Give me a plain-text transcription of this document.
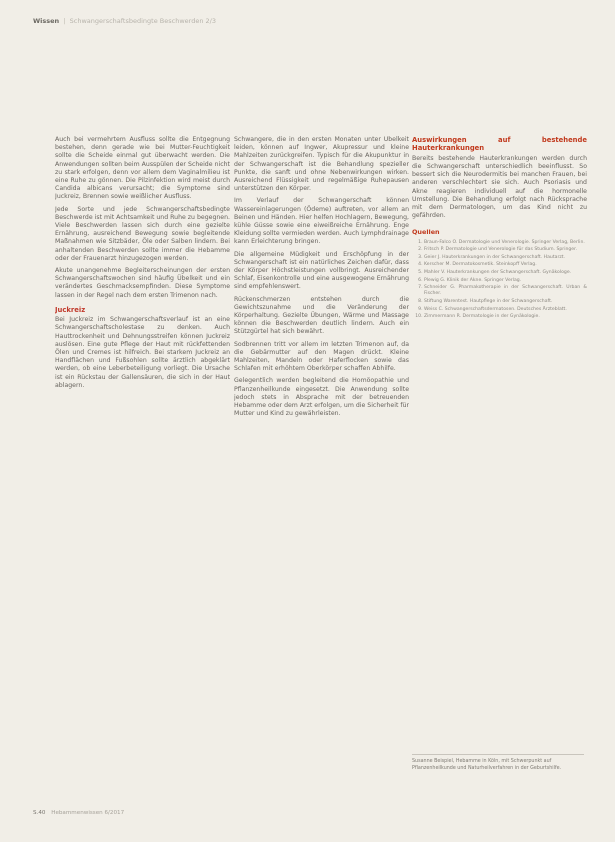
Wissen  |  Schwangerschaftsbedingte Beschwerden 2/3

Auch bei vermehrtem Ausfluss sollte die Entgegnung bestehen, denn gerade wie bei Mutter-Feuchtigkeit sollte die Scheide einmal gut überwacht werden. Die Anwendungen sollten beim Ausspülen der Scheide nicht zu stark erfolgen, denn vor allem dem Vaginalmilieu ist eine Ruhe zu gönnen. Die Pilzinfektion wird meist durch Candida albicans verursacht; die Symptome sind Juckreiz, Brennen sowie weißlicher Ausfluss.

Jede Sorte und jede Schwangerschaftsbedingte Beschwerde ist mit Achtsamkeit und Ruhe zu begegnen. Viele Beschwerden lassen sich durch eine gezielte Ernährung, ausreichend Bewegung sowie begleitende Maßnahmen wie Sitzbäder, Öle oder Salben lindern. Bei anhaltenden Beschwerden sollte immer die Hebamme oder der Frauenarzt hinzugezogen werden.

Akute unangenehme Begleiterscheinungen der ersten Schwangerschaftswochen sind häufig Übelkeit und ein verändertes Geschmacksempfinden. Diese Symptome lassen in der Regel nach dem ersten Trimenon nach.

Juckreiz

Bei Juckreiz im Schwangerschaftsverlauf ist an eine Schwangerschaftscholestase zu denken. Auch Hauttrockenheit und Dehnungsstreifen können Juckreiz auslösen. Eine gute Pflege der Haut mit rückfettenden Ölen und Cremes ist hilfreich. Bei starkem Juckreiz an Handflächen und Fußsohlen sollte ärztlich abgeklärt werden, ob eine Leberbeteiligung vorliegt. Die Ursache ist ein Rückstau der Gallensäuren, die sich in der Haut ablagern.

Schwangere, die in den ersten Monaten unter Übelkeit leiden, können auf Ingwer, Akupressur und kleine Mahlzeiten zurückgreifen. Typisch für die Akupunktur in der Schwangerschaft ist die Behandlung spezieller Punkte, die sanft und ohne Nebenwirkungen wirken. Ausreichend Flüssigkeit und regelmäßige Ruhepausen unterstützen den Körper.

Im Verlauf der Schwangerschaft können Wassereinlagerungen (Ödeme) auftreten, vor allem an Beinen und Händen. Hier helfen Hochlagern, Bewegung, kühle Güsse sowie eine eiweißreiche Ernährung. Enge Kleidung sollte vermieden werden. Auch Lymphdrainage kann Erleichterung bringen.

Die allgemeine Müdigkeit und Erschöpfung in der Schwangerschaft ist ein natürliches Zeichen dafür, dass der Körper Höchstleistungen vollbringt. Ausreichender Schlaf, Eisenkontrolle und eine ausgewogene Ernährung sind empfehlenswert.

Rückenschmerzen entstehen durch die Gewichtszunahme und die Veränderung der Körperhaltung. Gezielte Übungen, Wärme und Massage können die Beschwerden deutlich lindern. Auch ein Stützgürtel hat sich bewährt.

Sodbrennen tritt vor allem im letzten Trimenon auf, da die Gebärmutter auf den Magen drückt. Kleine Mahlzeiten, Mandeln oder Haferflocken sowie das Schlafen mit erhöhtem Oberkörper schaffen Abhilfe.

Gelegentlich werden begleitend die Homöopathie und Pflanzenheilkunde eingesetzt. Die Anwendung sollte jedoch stets in Absprache mit der betreuenden Hebamme oder dem Arzt erfolgen, um die Sicherheit für Mutter und Kind zu gewährleisten.

Auswirkungen auf bestehende Hauterkrankungen

Bereits bestehende Hauterkrankungen werden durch die Schwangerschaft unterschiedlich beeinflusst. So bessert sich die Neurodermitis bei manchen Frauen, bei anderen verschlechtert sie sich. Auch Psoriasis und Akne reagieren individuell auf die hormonelle Umstellung. Die Behandlung erfolgt nach Rücksprache mit dem Dermatologen, um das Kind nicht zu gefährden.

Quellen
1. Braun-Falco O. Dermatologie und Venerologie. Springer Verlag, Berlin.
2. Fritsch P. Dermatologie und Venerologie für das Studium. Springer.
3. Geier J. Hauterkrankungen in der Schwangerschaft. Hautarzt.
4. Kerscher M. Dermatokosmetik. Steinkopff Verlag.
5. Mahler V. Hauterkrankungen der Schwangerschaft. Gynäkologe.
6. Plewig G. Klinik der Akne. Springer Verlag.
7. Schneider G. Pharmakotherapie in der Schwangerschaft. Urban & Fischer.
8. Stiftung Warentest. Hautpflege in der Schwangerschaft.
9. Weiss C. Schwangerschaftsdermatosen. Deutsches Ärzteblatt.
10. Zimmermann R. Dermatologie in der Gynäkologie.
Susanne Beispiel, Hebamme in Köln, mit Schwerpunkt auf Pflanzenheilkunde und Naturheilverfahren in der Geburtshilfe.
S.40 Hebammenwissen 6/2017
